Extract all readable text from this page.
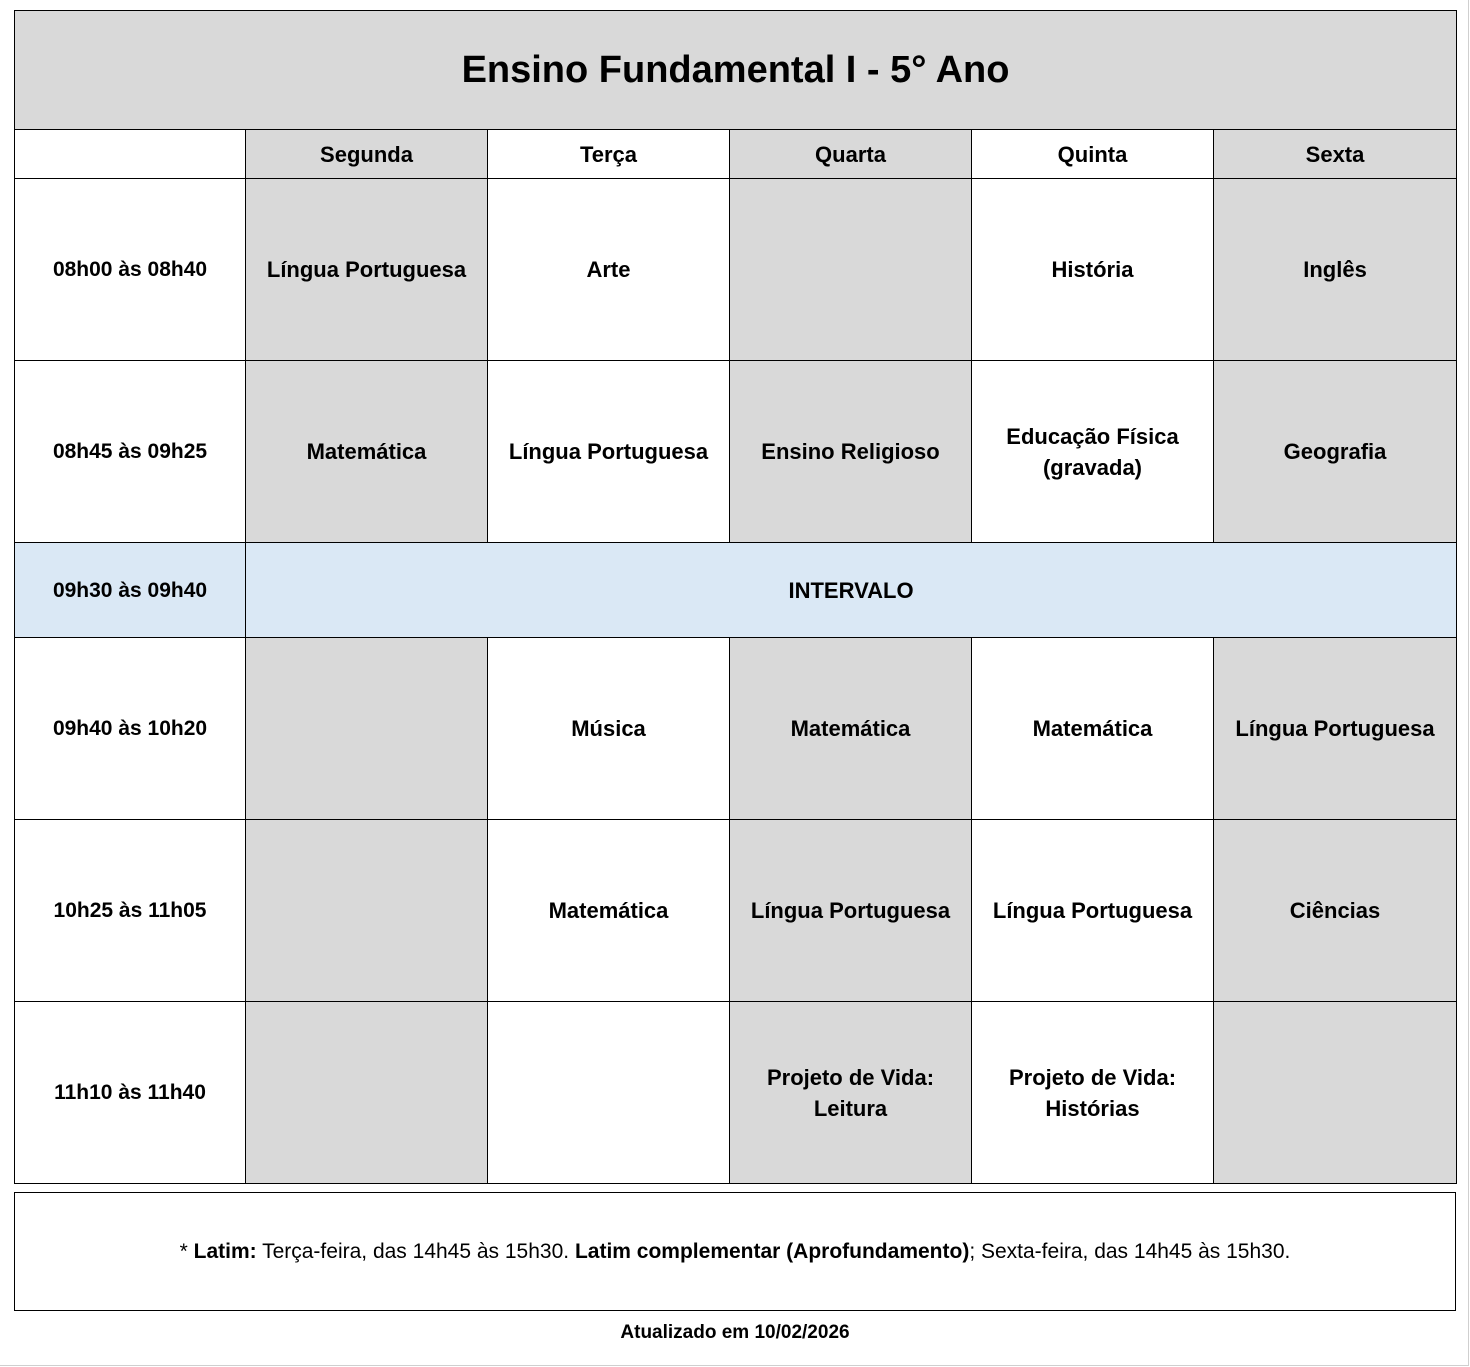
Ensino Fundamental I - 5° Ano					
	Segunda	Terça	Quarta	Quinta	Sexta
08h00 às 08h40	Língua Portuguesa	Arte		História	Inglês
08h45 às 09h25	Matemática	Língua Portuguesa	Ensino Religioso	Educação Física (gravada)	Geografia
09h30 às 09h40	INTERVALO				
09h40 às 10h20		Música	Matemática	Matemática	Língua Portuguesa
10h25 às 11h05		Matemática	Língua Portuguesa	Língua Portuguesa	Ciências
11h10 às 11h40			Projeto de Vida: Leitura	Projeto de Vida: Histórias	
* Latim: Terça-feira, das 14h45 às 15h30. Latim complementar (Aprofundamento); Sexta-feira, das 14h45 às 15h30.
Atualizado em 10/02/2026
